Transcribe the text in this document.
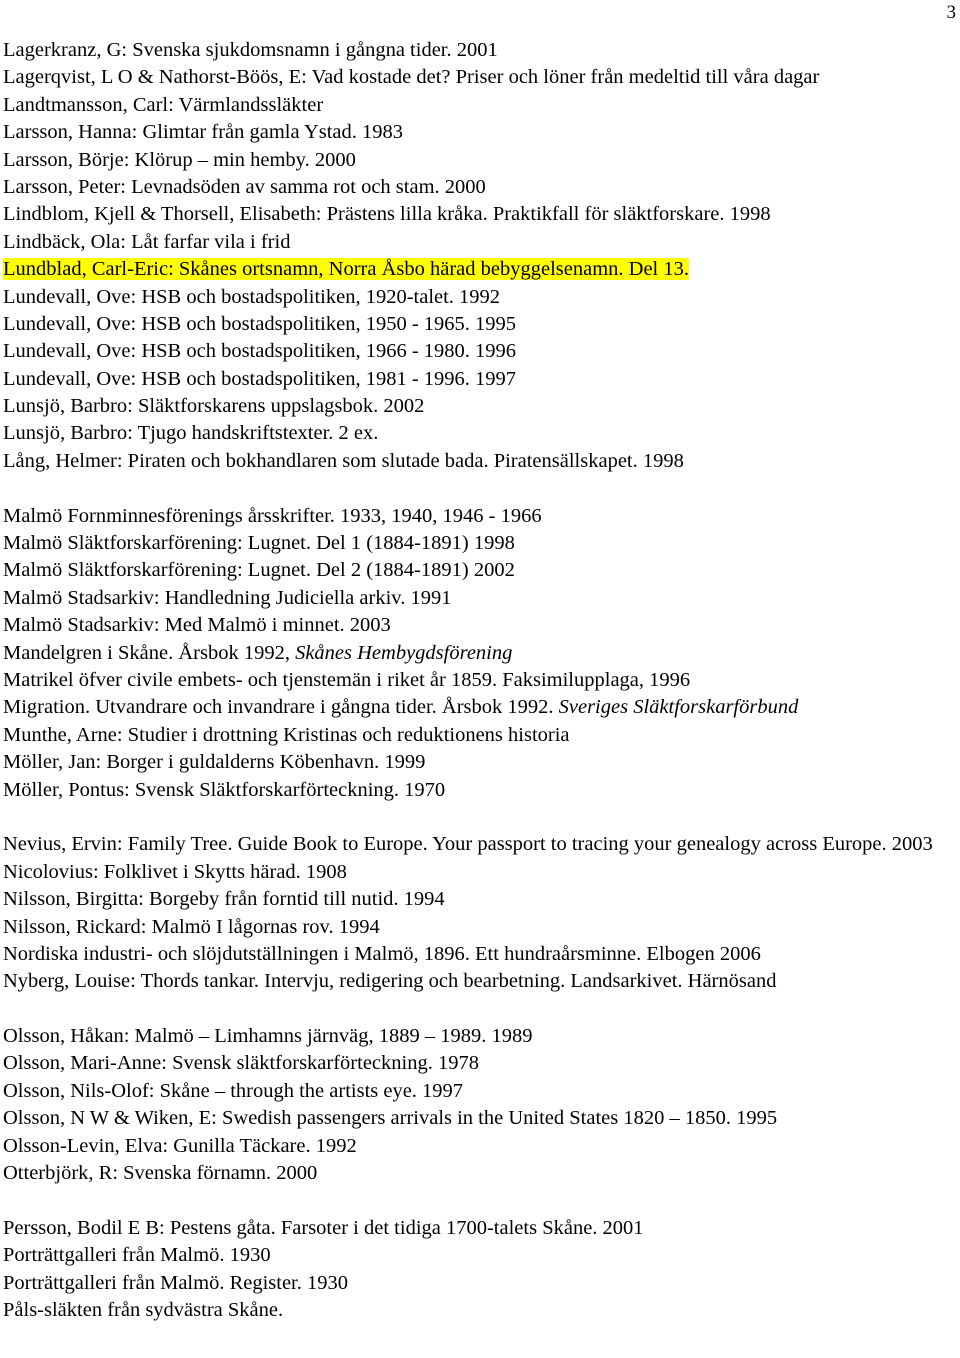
3
Lagerkranz, G: Svenska sjukdomsnamn i gångna tider. 2001
Lagerqvist, L O & Nathorst-Böös, E: Vad kostade det? Priser och löner från medeltid till våra dagar
Landtmansson, Carl: Värmlandssläkter
Larsson, Hanna: Glimtar från gamla Ystad. 1983
Larsson, Börje: Klörup – min hemby. 2000
Larsson, Peter: Levnadsöden av samma rot och stam. 2000
Lindblom, Kjell & Thorsell, Elisabeth: Prästens lilla kråka. Praktikfall för släktforskare. 1998
Lindbäck, Ola: Låt farfar vila i frid
Lundblad, Carl-Eric: Skånes ortsnamn, Norra Åsbo härad bebyggelsenamn. Del 13.
Lundevall, Ove: HSB och bostadspolitiken, 1920-talet. 1992
Lundevall, Ove: HSB och bostadspolitiken, 1950 - 1965. 1995
Lundevall, Ove: HSB och bostadspolitiken, 1966 - 1980. 1996
Lundevall, Ove: HSB och bostadspolitiken, 1981 - 1996. 1997
Lunsjö, Barbro: Släktforskarens uppslagsbok. 2002
Lunsjö, Barbro: Tjugo handskriftstexter. 2 ex.
Lång, Helmer: Piraten och bokhandlaren som slutade bada. Piratensällskapet. 1998
Malmö Fornminnesförenings årsskrifter. 1933, 1940, 1946 - 1966
Malmö Släktforskarförening: Lugnet. Del 1 (1884-1891) 1998
Malmö Släktforskarförening: Lugnet. Del 2 (1884-1891) 2002
Malmö Stadsarkiv: Handledning Judiciella arkiv. 1991
Malmö Stadsarkiv: Med Malmö i minnet. 2003
Mandelgren i Skåne. Årsbok 1992, Skånes Hembygdsförening
Matrikel öfver civile embets- och tjenstemän i riket år 1859. Faksimilupplaga, 1996
Migration. Utvandrare och invandrare i gångna tider. Årsbok 1992. Sveriges Släktforskarförbund
Munthe, Arne: Studier i drottning Kristinas och reduktionens historia
Möller, Jan: Borger i guldalderns Köbenhavn. 1999
Möller, Pontus: Svensk Släktforskarförteckning. 1970
Nevius, Ervin: Family Tree. Guide Book to Europe. Your passport to tracing your genealogy across Europe. 2003
Nicolovius: Folklivet i Skytts härad. 1908
Nilsson, Birgitta: Borgeby från forntid till nutid. 1994
Nilsson, Rickard: Malmö I lågornas rov. 1994
Nordiska industri- och slöjdutställningen i Malmö, 1896. Ett hundraårsminne. Elbogen 2006
Nyberg, Louise: Thords tankar. Intervju, redigering och bearbetning. Landsarkivet. Härnösand
Olsson, Håkan: Malmö – Limhamns järnväg, 1889 – 1989. 1989
Olsson, Mari-Anne: Svensk släktforskarförteckning. 1978
Olsson, Nils-Olof: Skåne – through the artists eye. 1997
Olsson, N W & Wiken, E: Swedish passengers arrivals in the United States 1820 – 1850. 1995
Olsson-Levin, Elva: Gunilla Täckare. 1992
Otterbjörk, R: Svenska förnamn. 2000
Persson, Bodil E B: Pestens gåta. Farsoter i det tidiga 1700-talets Skåne. 2001
Porträttgalleri från Malmö. 1930
Porträttgalleri från Malmö. Register. 1930
Påls-släkten från sydvästra Skåne.
